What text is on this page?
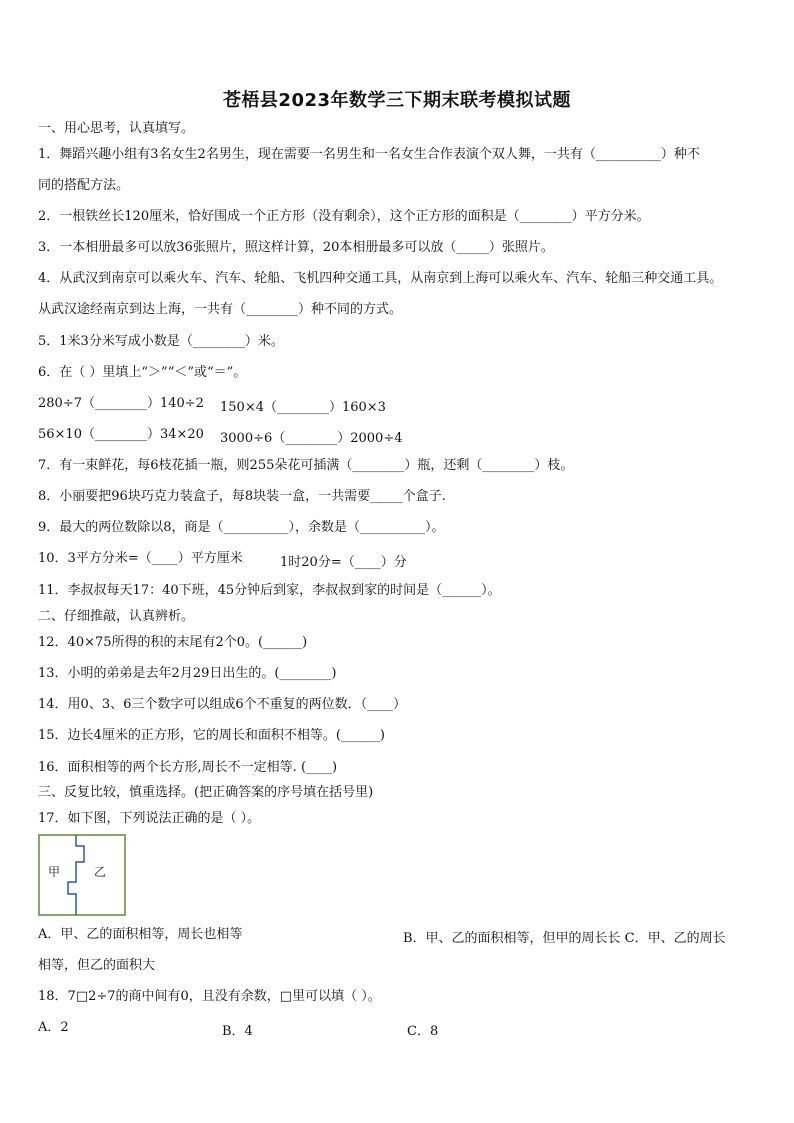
苍梧县2023年数学三下期末联考模拟试题
一、用心思考，认真填写。
1．舞蹈兴趣小组有3名女生2名男生，现在需要一名男生和一名女生合作表演个双人舞，一共有（__________）种不
同的搭配方法。
2．一根铁丝长120厘米，恰好围成一个正方形（没有剩余），这个正方形的面积是（________）平方分米。
3．一本相册最多可以放36张照片，照这样计算，20本相册最多可以放（_____）张照片。
4．从武汉到南京可以乘火车、汽车、轮船、飞机四种交通工具，从南京到上海可以乘火车、汽车、轮船三种交通工具。
从武汉途经南京到达上海，一共有（________）种不同的方式。
5．1米3分米写成小数是（________）米。
6．在（ ）里填上“＞”“＜”或“＝”。
280÷7（________）140÷2 150×4（________）160×3
56×10（________）34×20 3000÷6（________）2000÷4
7．有一束鲜花，每6枝花插一瓶，则255朵花可插满（________）瓶，还剩（________）枝。
8．小丽要把96块巧克力装盒子，每8块装一盒，一共需要_____个盒子.
9．最大的两位数除以8，商是（__________），余数是（__________）。
10．3平方分米=（____）平方厘米	1时20分=（____）分
11．李叔叔每天17：40下班，45分钟后到家，李叔叔到家的时间是（______）。
二、仔细推敲，认真辨析。
12．40×75所得的积的末尾有2个0。(______)
13．小明的弟弟是去年2月29日出生的。(________)
14．用0、3、6三个数字可以组成6个不重复的两位数．（____）
15．边长4厘米的正方形，它的周长和面积不相等。(______)
16．面积相等的两个长方形,周长不一定相等. (____)
三、反复比较，慎重选择。(把正确答案的序号填在括号里)
17．如下图，下列说法正确的是（ ）。
甲	乙
A．甲、乙的面积相等，周长也相等	B．甲、乙的面积相等，但甲的周长长 C．甲、乙的周长
相等，但乙的面积大
18．7□2÷7的商中间有0，且没有余数，□里可以填（ ）。
A．2	B．4	C．8
